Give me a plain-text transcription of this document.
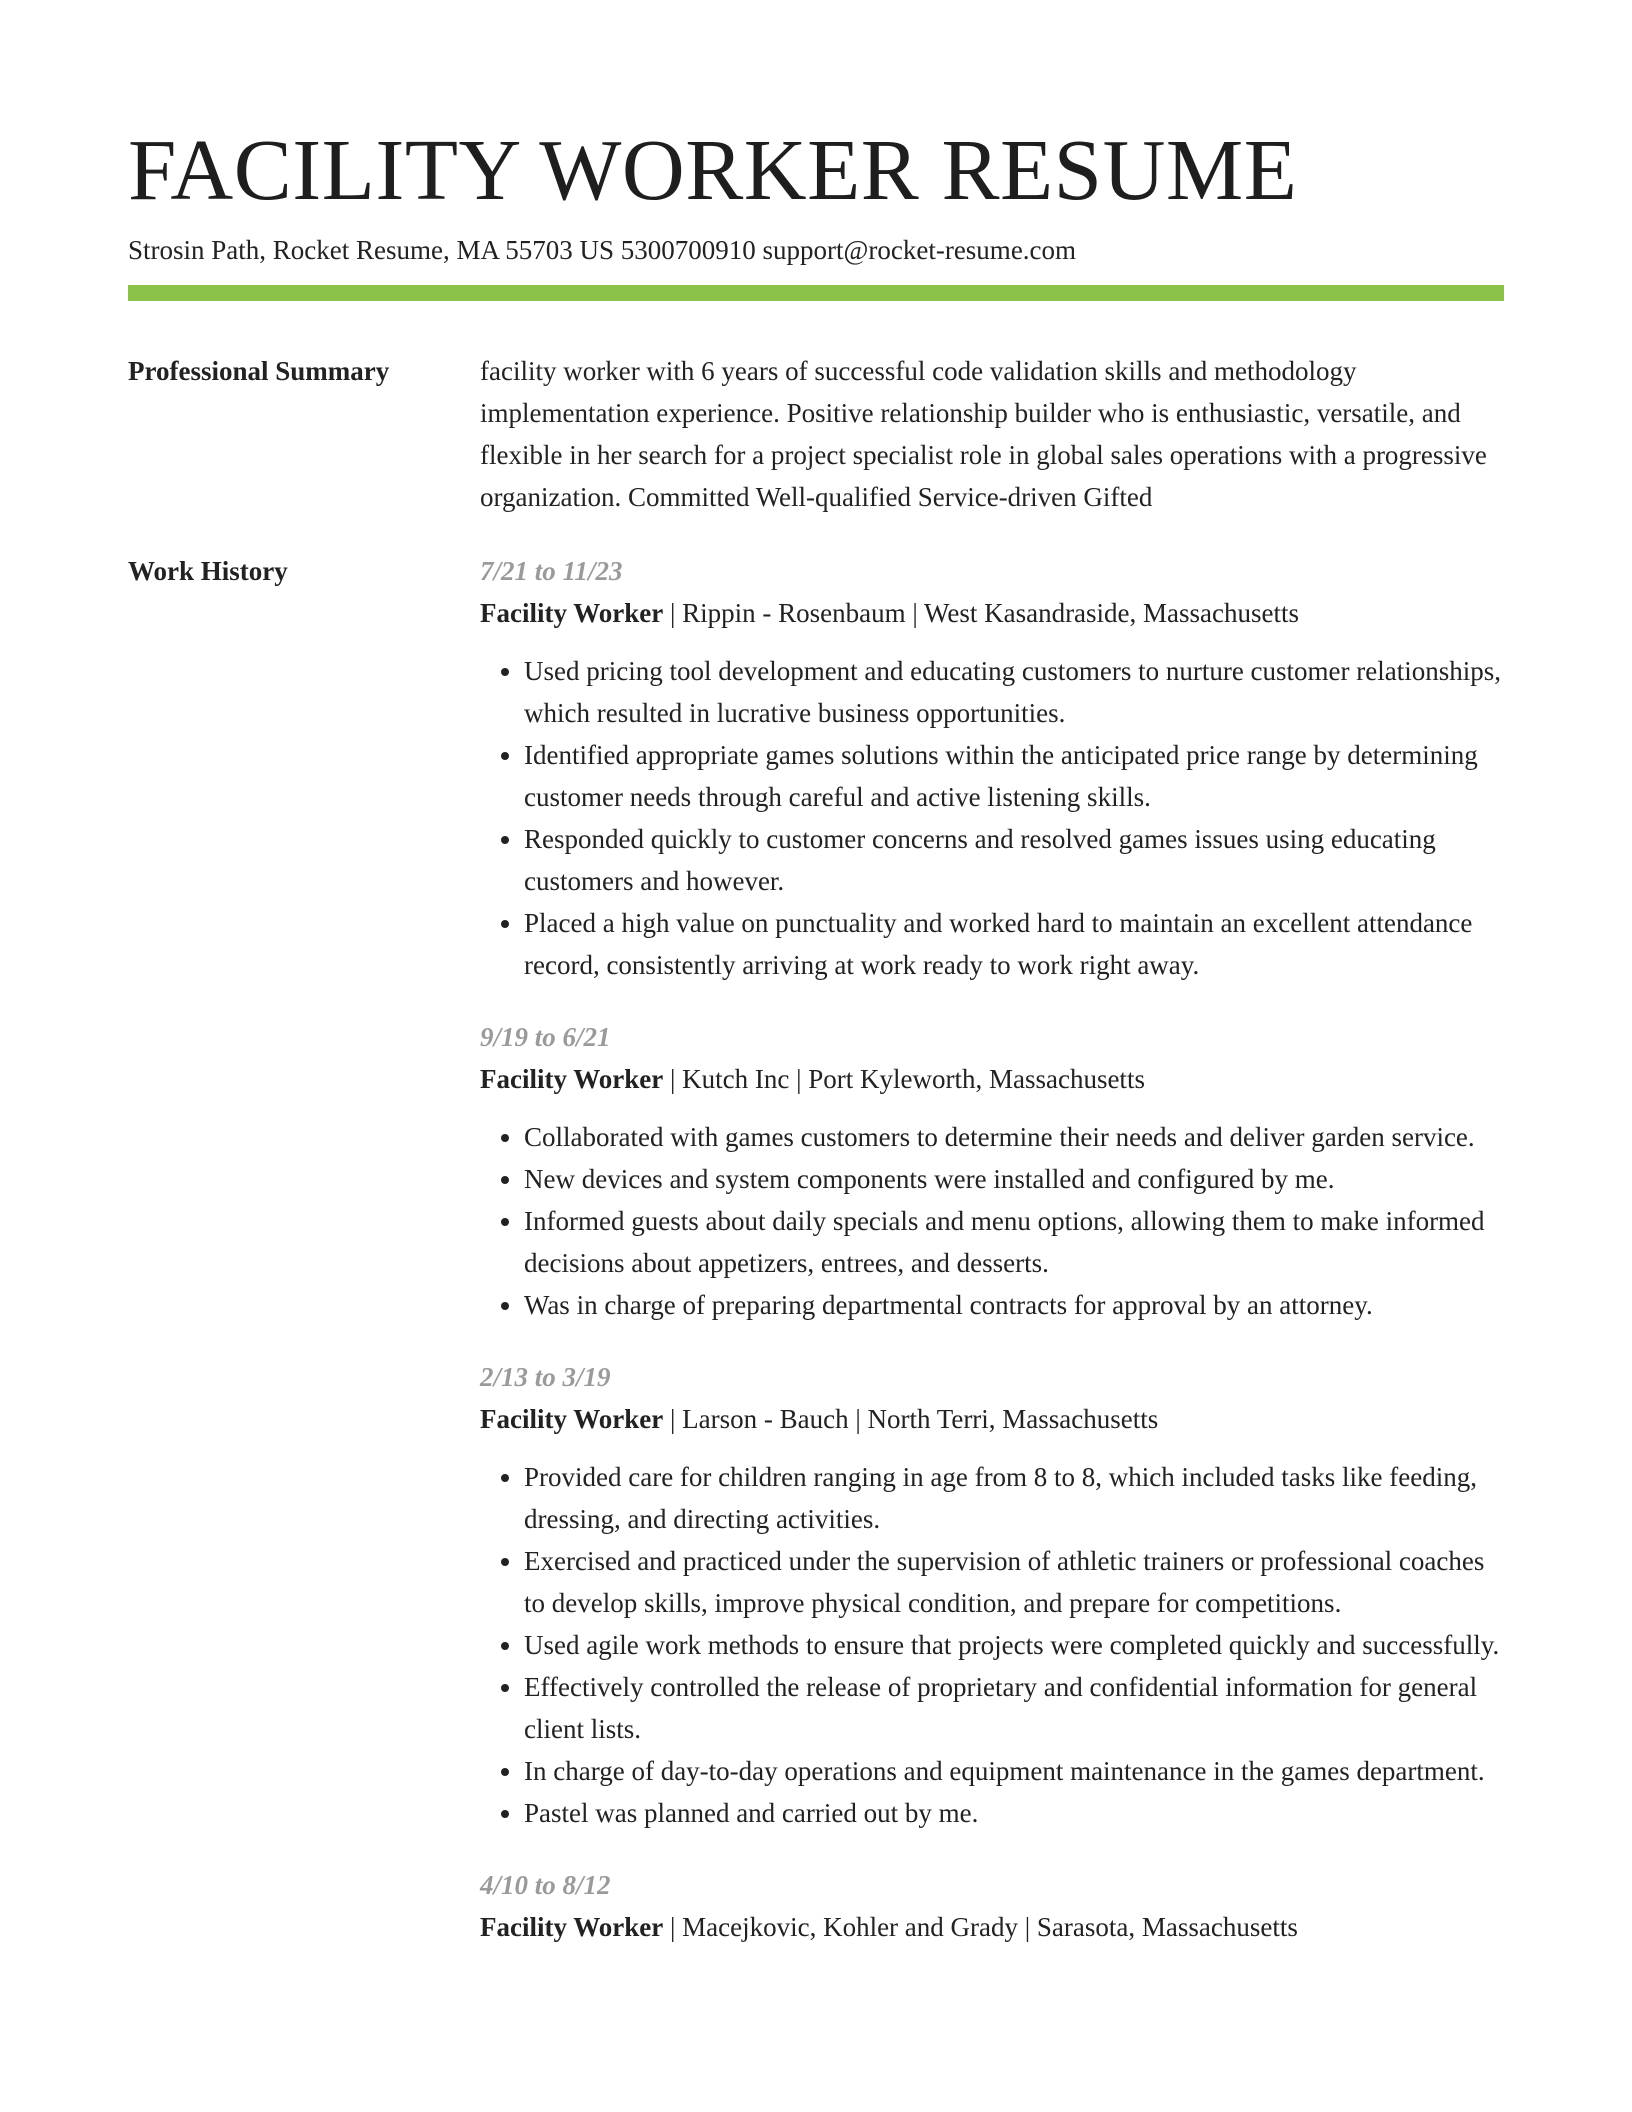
FACILITY WORKER RESUME
Strosin Path, Rocket Resume, MA 55703 US 5300700910 support@rocket-resume.com
Professional Summary	facility worker with 6 years of successful code validation skills and methodology implementation experience. Positive relationship builder who is enthusiastic, versatile, and flexible in her search for a project specialist role in global sales operations with a progressive organization. Committed Well-qualified Service-driven Gifted
Work History	7/21 to 11/23
Facility Worker | Rippin - Rosenbaum | West Kasandraside, Massachusetts
• Used pricing tool development and educating customers to nurture customer relationships, which resulted in lucrative business opportunities.
• Identified appropriate games solutions within the anticipated price range by determining customer needs through careful and active listening skills.
• Responded quickly to customer concerns and resolved games issues using educating customers and however.
• Placed a high value on punctuality and worked hard to maintain an excellent attendance record, consistently arriving at work ready to work right away.
9/19 to 6/21
Facility Worker | Kutch Inc | Port Kyleworth, Massachusetts
• Collaborated with games customers to determine their needs and deliver garden service.
• New devices and system components were installed and configured by me.
• Informed guests about daily specials and menu options, allowing them to make informed decisions about appetizers, entrees, and desserts.
• Was in charge of preparing departmental contracts for approval by an attorney.
2/13 to 3/19
Facility Worker | Larson - Bauch | North Terri, Massachusetts
• Provided care for children ranging in age from 8 to 8, which included tasks like feeding, dressing, and directing activities.
• Exercised and practiced under the supervision of athletic trainers or professional coaches to develop skills, improve physical condition, and prepare for competitions.
• Used agile work methods to ensure that projects were completed quickly and successfully.
• Effectively controlled the release of proprietary and confidential information for general client lists.
• In charge of day-to-day operations and equipment maintenance in the games department.
• Pastel was planned and carried out by me.
4/10 to 8/12
Facility Worker | Macejkovic, Kohler and Grady | Sarasota, Massachusetts
